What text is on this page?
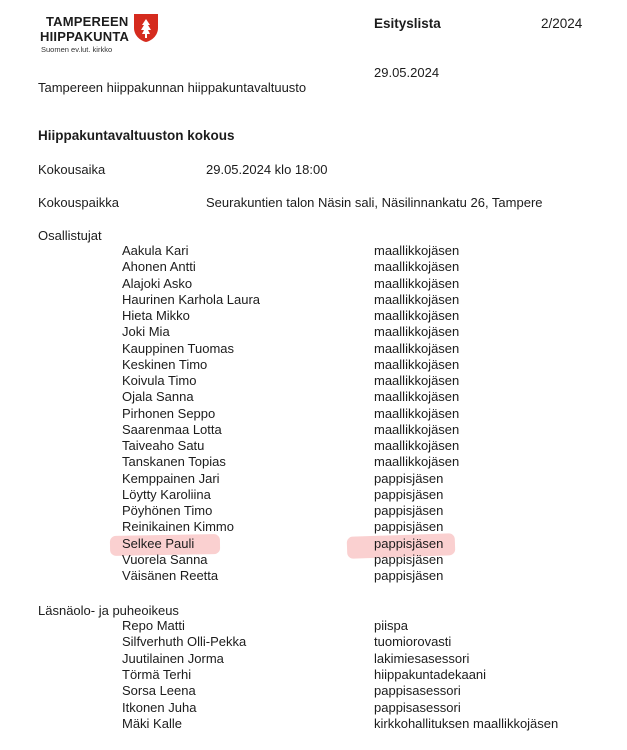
TAMPEREEN
HIIPPAKUNTA
Suomen ev.lut. kirkko
Esityslista	2/2024
29.05.2024
Tampereen hiippakunnan hiippakuntavaltuusto
Hiippakuntavaltuuston kokous
Kokousaika	29.05.2024 klo 18:00
Kokouspaikka	Seurakuntien talon Näsin sali, Näsilinnankatu 26, Tampere
Osallistujat
Aakula Kari	maallikkojäsen
Ahonen Antti	maallikkojäsen
Alajoki Asko	maallikkojäsen
Haurinen Karhola Laura	maallikkojäsen
Hieta Mikko	maallikkojäsen
Joki Mia	maallikkojäsen
Kauppinen Tuomas	maallikkojäsen
Keskinen Timo	maallikkojäsen
Koivula Timo	maallikkojäsen
Ojala Sanna	maallikkojäsen
Pirhonen Seppo	maallikkojäsen
Saarenmaa Lotta	maallikkojäsen
Taiveaho Satu	maallikkojäsen
Tanskanen Topias	maallikkojäsen
Kemppainen Jari	pappisjäsen
Löytty Karoliina	pappisjäsen
Pöyhönen Timo	pappisjäsen
Reinikainen Kimmo	pappisjäsen
Selkee Pauli	pappisjäsen
Vuorela Sanna	pappisjäsen
Väisänen Reetta	pappisjäsen
Läsnäolo- ja puheoikeus
Repo Matti	piispa
Silfverhuth Olli-Pekka	tuomiorovasti
Juutilainen Jorma	lakimiesasessori
Törmä Terhi	hiippakuntadekaani
Sorsa Leena	pappisasessori
Itkonen Juha	pappisasessori
Mäki Kalle	kirkkohallituksen maallikkojäsen
